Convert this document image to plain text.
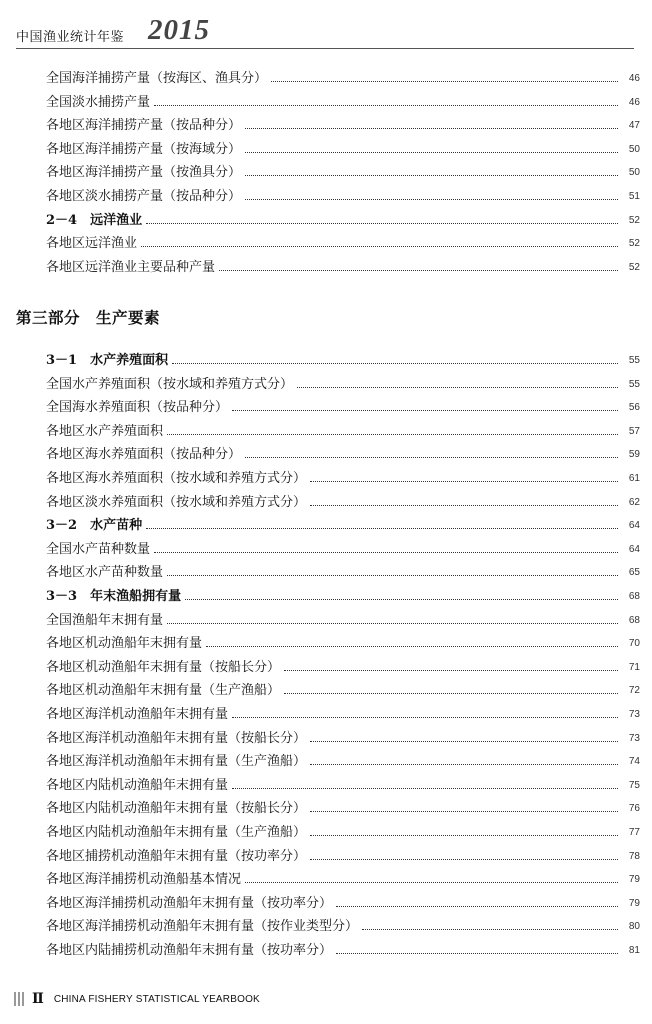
中国渔业统计年鉴 2015
全国海洋捕捞产量（按海区、渔具分）	46
全国淡水捕捞产量	46
各地区海洋捕捞产量（按品种分）	47
各地区海洋捕捞产量（按海域分）	50
各地区海洋捕捞产量（按渔具分）	50
各地区淡水捕捞产量（按品种分）	51
2－4　远洋渔业	52
各地区远洋渔业	52
各地区远洋渔业主要品种产量	52
第三部分　生产要素
3－1　水产养殖面积	55
全国水产养殖面积（按水域和养殖方式分）	55
全国海水养殖面积（按品种分）	56
各地区水产养殖面积	57
各地区海水养殖面积（按品种分）	59
各地区海水养殖面积（按水域和养殖方式分）	61
各地区淡水养殖面积（按水域和养殖方式分）	62
3－2　水产苗种	64
全国水产苗种数量	64
各地区水产苗种数量	65
3－3　年末渔船拥有量	68
全国渔船年末拥有量	68
各地区机动渔船年末拥有量	70
各地区机动渔船年末拥有量（按船长分）	71
各地区机动渔船年末拥有量（生产渔船）	72
各地区海洋机动渔船年末拥有量	73
各地区海洋机动渔船年末拥有量（按船长分）	73
各地区海洋机动渔船年末拥有量（生产渔船）	74
各地区内陆机动渔船年末拥有量	75
各地区内陆机动渔船年末拥有量（按船长分）	76
各地区内陆机动渔船年末拥有量（生产渔船）	77
各地区捕捞机动渔船年末拥有量（按功率分）	78
各地区海洋捕捞机动渔船基本情况	79
各地区海洋捕捞机动渔船年末拥有量（按功率分）	79
各地区海洋捕捞机动渔船年末拥有量（按作业类型分）	80
各地区内陆捕捞机动渔船年末拥有量（按功率分）	81
Ⅱ CHINA FISHERY STATISTICAL YEARBOOK
